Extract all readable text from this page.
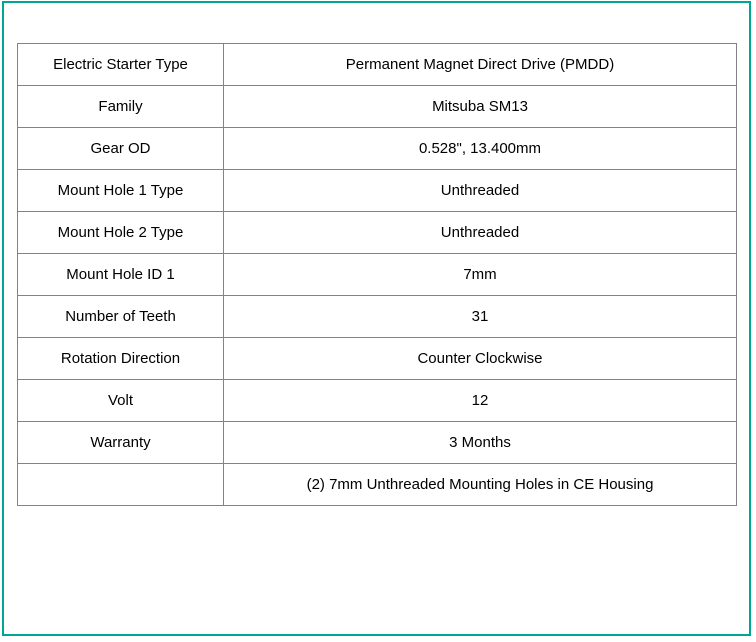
Electric Starter Type	Permanent Magnet Direct Drive (PMDD)
Family	Mitsuba SM13
Gear OD	0.528", 13.400mm
Mount Hole 1 Type	Unthreaded
Mount Hole 2 Type	Unthreaded
Mount Hole ID 1	7mm
Number of Teeth	31
Rotation Direction	Counter Clockwise
Volt	12
Warranty	3 Months
	(2) 7mm Unthreaded Mounting Holes in CE Housing
